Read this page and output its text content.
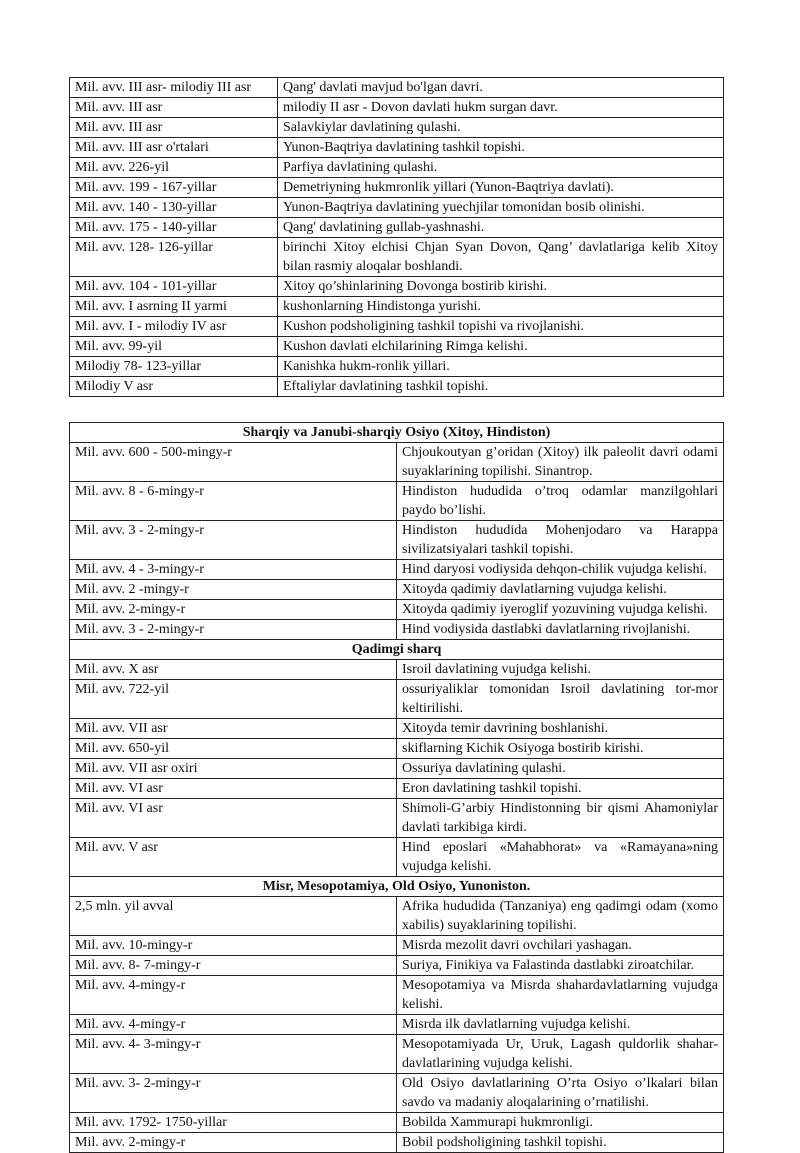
Mil. avv. III asr- milodiy III asr	Qang' davlati mavjud bo'lgan davri.
Mil. avv. III asr	milodiy II asr - Dovon davlati hukm surgan davr.
Mil. avv. III asr	Salavkiylar davlatining qulashi.
Mil. avv. III asr o'rtalari	Yunon-Baqtriya davlatining tashkil topishi.
Mil. avv. 226-yil	Parfiya davlatining qulashi.
Mil. avv. 199 - 167-yillar	Demetriyning hukmronlik yillari (Yunon-Baqtriya davlati).
Mil. avv. 140 - 130-yillar	Yunon-Baqtriya davlatining yuechjilar tomonidan bosib olinishi.
Mil. avv. 175 - 140-yillar	Qang' davlatining gullab-yashnashi.
Mil. avv. 128- 126-yillar	birinchi Xitoy elchisi Chjan Syan Dovon, Qang’ davlatlariga kelib Xitoy bilan rasmiy aloqalar boshlandi.
Mil. avv. 104 - 101-yillar	Xitoy qo’shinlarining Dovonga bostirib kirishi.
Mil. avv. I asrning II yarmi	kushonlarning Hindistonga yurishi.
Mil. avv. I - milodiy IV asr	Kushon podsholigining tashkil topishi va rivojlanishi.
Mil. avv. 99-yil	Kushon davlati elchilarining Rimga kelishi.
Milodiy 78- 123-yillar	Kanishka hukm-ronlik yillari.
Milodiy V asr	Eftaliylar davlatining tashkil topishi.
Sharqiy va Janubi-sharqiy Osiyo (Xitoy, Hindiston)	
Mil. avv. 600 - 500-mingy-r	Chjoukoutyan g’oridan (Xitoy) ilk paleolit davri odami suyaklarining topilishi. Sinantrop.
Mil. avv. 8 - 6-mingy-r	Hindiston hududida o’troq odamlar manzilgohlari paydo bo’lishi.
Mil. avv. 3 - 2-mingy-r	Hindiston hududida Mohenjodaro va Harappa sivilizatsiyalari tashkil topishi.
Mil. avv. 4 - 3-mingy-r	Hind daryosi vodiysida dehqon-chilik vujudga kelishi.
Mil. avv. 2 -mingy-r	Xitoyda qadimiy davlatlarning vujudga kelishi.
Mil. avv. 2-mingy-r	Xitoyda qadimiy iyeroglif yozuvining vujudga kelishi.
Mil. avv. 3 - 2-mingy-r	Hind vodiysida dastlabki davlatlarning rivojlanishi.
Qadimgi sharq	
Mil. avv. X asr	Isroil davlatining vujudga kelishi.
Mil. avv. 722-yil	ossuriyaliklar tomonidan Isroil davlatining tor-mor keltirilishi.
Mil. avv. VII asr	Xitoyda temir davrining boshlanishi.
Mil. avv. 650-yil	skiflarning Kichik Osiyoga bostirib kirishi.
Mil. avv. VII asr oxiri	Ossuriya davlatining qulashi.
Mil. avv. VI asr	Eron davlatining tashkil topishi.
Mil. avv. VI asr	Shimoli-G’arbiy Hindistonning bir qismi Ahamoniylar davlati tarkibiga kirdi.
Mil. avv. V asr	Hind eposlari «Mahabhorat» va «Ramayana»ning vujudga kelishi.
Misr, Mesopotamiya, Old Osiyo, Yunoniston.	
2,5 mln. yil avval	Afrika hududida (Tanzaniya) eng qadimgi odam (xomo xabilis) suyaklarining topilishi.
Mil. avv. 10-mingy-r	Misrda mezolit davri ovchilari yashagan.
Mil. avv. 8- 7-mingy-r	Suriya, Finikiya va Falastinda dastlabki ziroatchilar.
Mil. avv. 4-mingy-r	Mesopotamiya va Misrda shahardavlatlarning vujudga kelishi.
Mil. avv. 4-mingy-r	Misrda ilk davlatlarning vujudga kelishi.
Mil. avv. 4- 3-mingy-r	Mesopotamiyada Ur, Uruk, Lagash quldorlik shahar-davlatlarining vujudga kelishi.
Mil. avv. 3- 2-mingy-r	Old Osiyo davlatlarining O’rta Osiyo o’lkalari bilan savdo va madaniy aloqalarining o’rnatilishi.
Mil. avv. 1792- 1750-yillar	Bobilda Xammurapi hukmronligi.
Mil. avv. 2-mingy-r	Bobil podsholigining tashkil topishi.
